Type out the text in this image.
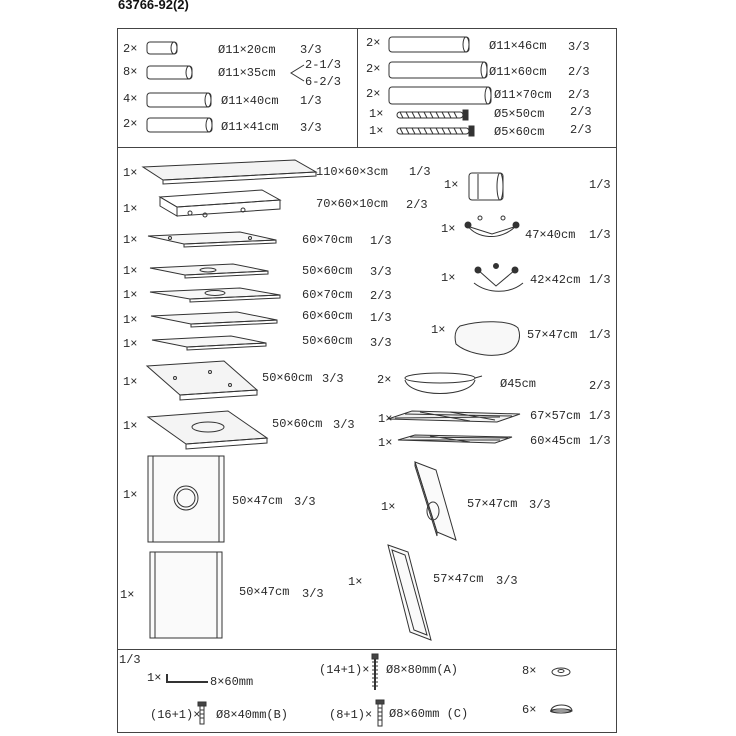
63766-92(2)
2×	Ø11×20cm 3/3
8×	Ø11×35cm
2-1/3
6-2/3
4×	Ø11×40cm 1/3
2×	Ø11×41cm 3/3
2×	Ø11×46cm 3/3
2×	Ø11×60cm 2/3
2×	Ø11×70cm 2/3
1×	Ø5×50cm 2/3
1×	Ø5×60cm 2/3
1×	110×60×3cm 1/3
1×	70×60×10cm 2/3
1×	60×70cm 1/3
1×	50×60cm 3/3
1×	60×70cm 2/3
1×	60×60cm 1/3
1×	50×60cm 3/3
1×	50×60cm 3/3
1×	50×60cm 3/3
1×	50×47cm 3/3
1×	50×47cm 3/3
1×	1/3
1×	47×40cm 1/3
1×	42×42cm 1/3
1×	57×47cm 1/3
2×	Ø45cm	2/3
1×	67×57cm 1/3
1×	60×45cm 1/3
1×	57×47cm 3/3
1×	57×47cm 3/3
1/3
1×	8×60mm
(14+1)× Ø8×80mm(A)
(16+1)× Ø8×40mm(B)	(8+1)× Ø8×60mm (C)
8×
6×
